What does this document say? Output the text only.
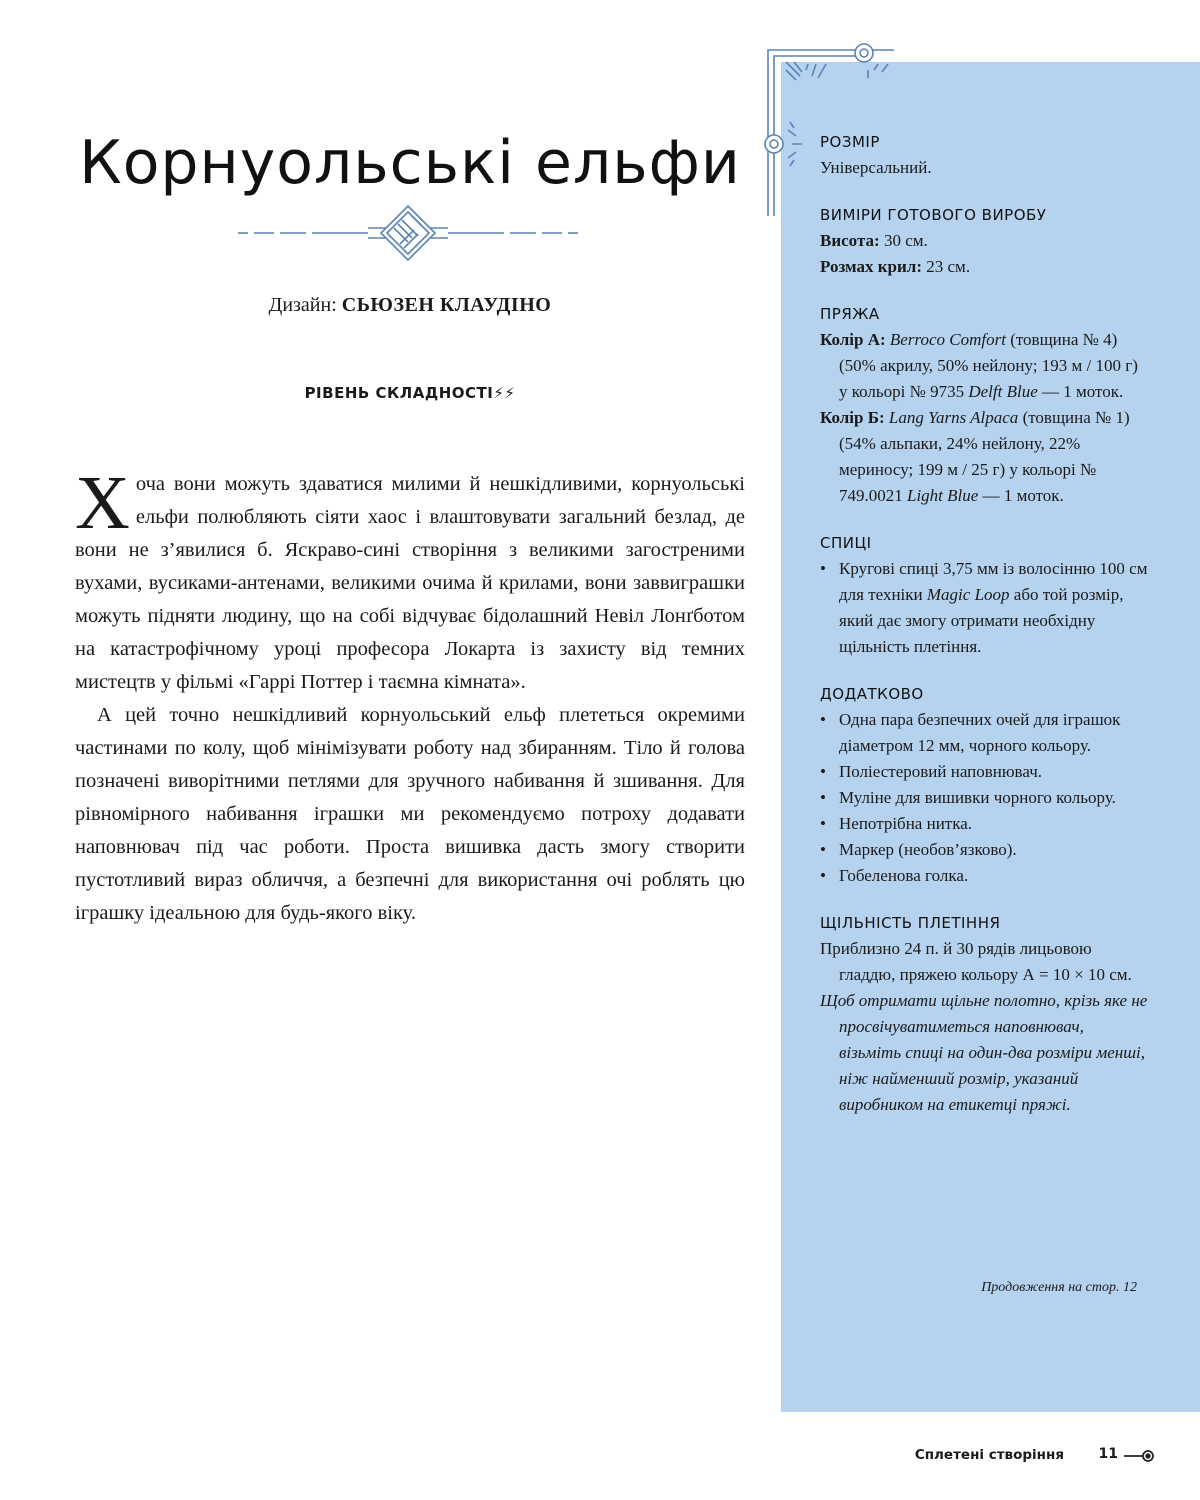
Корнуольські ельфи
Дизайн: СЬЮЗЕН КЛАУДІНО
РІВЕНЬ СКЛАДНОСТІ⚡⚡

Хоча вони можуть здаватися милими й нешкідливими, корнуольські ельфи полюбляють сіяти хаос і влаштовувати загальний безлад, де вони не з’явилися б. Яскраво-сині створіння з великими загостреними вухами, вусиками-антенами, великими очима й крилами, вони заввиграшки можуть підняти людину, що на собі відчуває бідолашний Невіл Лонґботом на катастрофічному уроці професора Локарта із захисту від темних мистецтв у фільмі «Гаррі Поттер і таємна кімната».

А цей точно нешкідливий корнуольський ельф плететься окремими частинами по колу, щоб мінімізувати роботу над збиранням. Тіло й голова позначені виворітними петлями для зручного набивання й зшивання. Для рівномірного набивання іграшки ми рекомендуємо потроху додавати наповнювач під час роботи. Проста вишивка дасть змогу створити пустотливий вираз обличчя, а безпечні для використання очі роблять цю іграшку ідеальною для будь-якого віку.

РОЗМІР
Універсальний.
ВИМІРИ ГОТОВОГО ВИРОБУ
Висота: 30 см.
Розмах крил: 23 см.
ПРЯЖА
Колір А: Berroco Comfort (товщина № 4) (50% акрилу, 50% нейлону; 193 м / 100 г) у кольорі № 9735 Delft Blue — 1 моток.
Колір Б: Lang Yarns Alpaca (товщина № 1) (54% альпаки, 24% нейлону, 22% мериносу; 199 м / 25 г) у кольорі № 749.0021 Light Blue — 1 моток.
СПИЦІ
• Кругові спиці 3,75 мм із волосінню 100 см для техніки Magic Loop або той розмір, який дає змогу отримати необхідну щільність плетіння.
ДОДАТКОВО
• Одна пара безпечних очей для іграшок діаметром 12 мм, чорного кольору.
• Поліестеровий наповнювач.
• Муліне для вишивки чорного кольору.
• Непотрібна нитка.
• Маркер (необов’язково).
• Гобеленова голка.
ЩІЛЬНІСТЬ ПЛЕТІННЯ
Приблизно 24 п. й 30 рядів лицьовою гладдю, пряжею кольору А = 10 × 10 см.
Щоб отримати щільне полотно, крізь яке не просвічуватиметься наповнювач, візьміть спиці на один-два розміри менші, ніж найменший розмір, указаний виробником на етикетці пряжі.
Продовження на стор. 12
Сплетені створіння 11
